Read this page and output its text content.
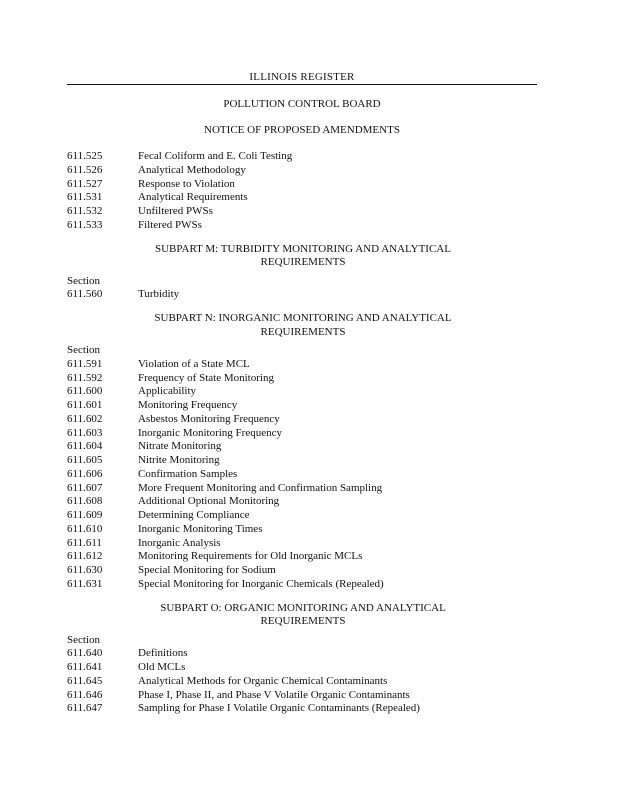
ILLINOIS REGISTER
POLLUTION CONTROL BOARD
NOTICE OF PROPOSED AMENDMENTS
611.525	Fecal Coliform and E. Coli Testing
611.526	Analytical Methodology
611.527	Response to Violation
611.531	Analytical Requirements
611.532	Unfiltered PWSs
611.533	Filtered PWSs
SUBPART M: TURBIDITY MONITORING AND ANALYTICAL
REQUIREMENTS
Section
611.560	Turbidity
SUBPART N: INORGANIC MONITORING AND ANALYTICAL
REQUIREMENTS
Section
611.591	Violation of a State MCL
611.592	Frequency of State Monitoring
611.600	Applicability
611.601	Monitoring Frequency
611.602	Asbestos Monitoring Frequency
611.603	Inorganic Monitoring Frequency
611.604	Nitrate Monitoring
611.605	Nitrite Monitoring
611.606	Confirmation Samples
611.607	More Frequent Monitoring and Confirmation Sampling
611.608	Additional Optional Monitoring
611.609	Determining Compliance
611.610	Inorganic Monitoring Times
611.611	Inorganic Analysis
611.612	Monitoring Requirements for Old Inorganic MCLs
611.630	Special Monitoring for Sodium
611.631	Special Monitoring for Inorganic Chemicals (Repealed)
SUBPART O: ORGANIC MONITORING AND ANALYTICAL
REQUIREMENTS
Section
611.640	Definitions
611.641	Old MCLs
611.645	Analytical Methods for Organic Chemical Contaminants
611.646	Phase I, Phase II, and Phase V Volatile Organic Contaminants
611.647	Sampling for Phase I Volatile Organic Contaminants (Repealed)
